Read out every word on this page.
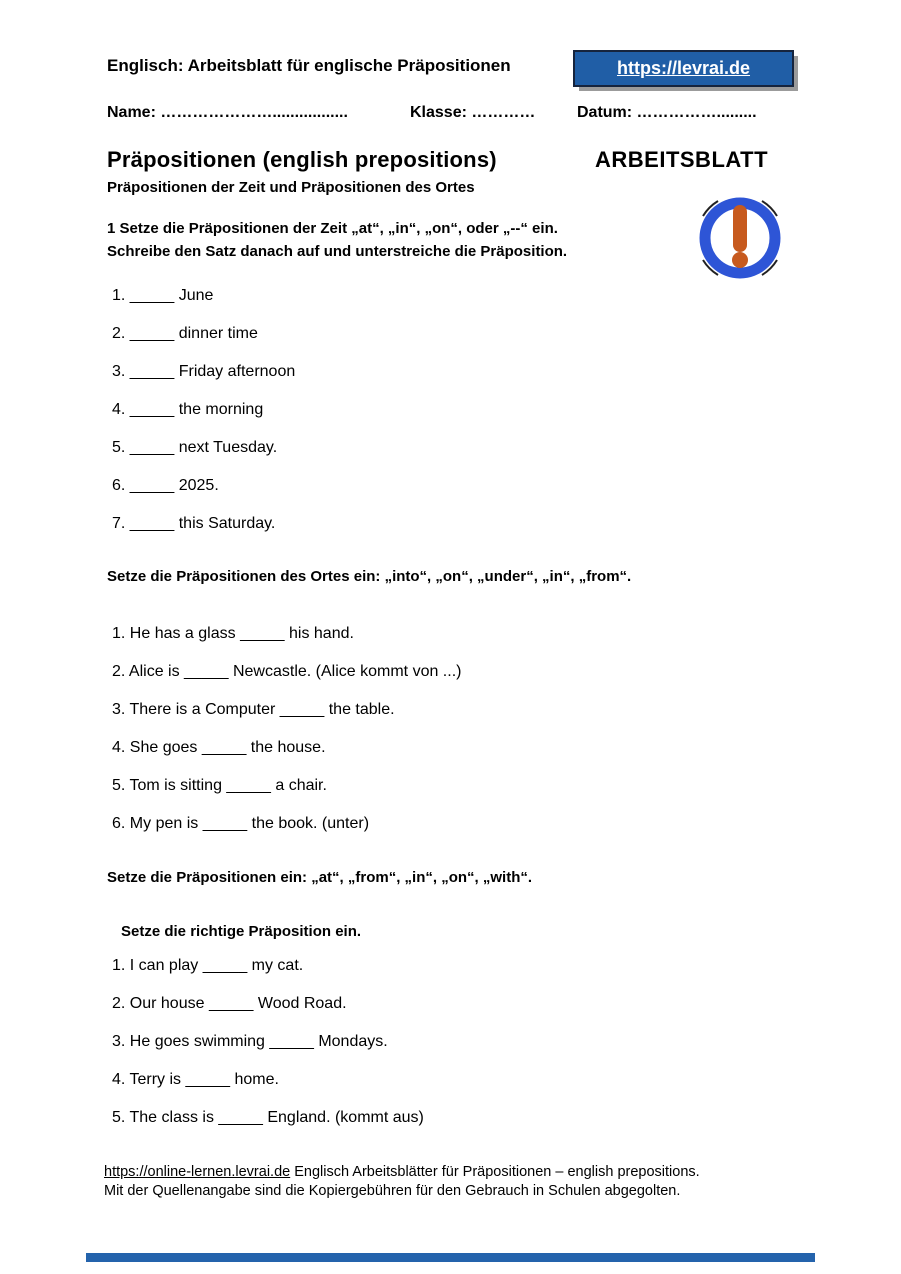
Englisch: Arbeitsblatt für englische Präpositionen	https://levrai.de
Name: ………………….................	Klasse: …………	Datum: …………….........
Präpositionen (english prepositions)	ARBEITSBLATT
Präpositionen der Zeit und Präpositionen des Ortes
1 Setze die Präpositionen der Zeit „at“, „in“, „on“, oder „--“ ein.
Schreibe den Satz danach auf und unterstreiche die Präposition.
1. _____ June
2. _____ dinner time
3. _____ Friday afternoon
4. _____ the morning
5. _____ next Tuesday.
6. _____ 2025.
7. _____ this Saturday.
Setze die Präpositionen des Ortes ein: „into“, „on“, „under“, „in“, „from“.
1. He has a glass _____ his hand.
2. Alice is _____ Newcastle. (Alice kommt von ...)
3. There is a Computer _____ the table.
4. She goes _____ the house.
5. Tom is sitting _____ a chair.
6. My pen is _____ the book. (unter)
Setze die Präpositionen ein: „at“, „from“, „in“, „on“, „with“.
Setze die richtige Präposition ein.
1. I can play _____ my cat.
2. Our house _____ Wood Road.
3. He goes swimming _____ Mondays.
4. Terry is _____ home.
5. The class is _____ England. (kommt aus)
https://online-lernen.levrai.de Englisch Arbeitsblätter für Präpositionen – english prepositions.
Mit der Quellenangabe sind die Kopiergebühren für den Gebrauch in Schulen abgegolten.
